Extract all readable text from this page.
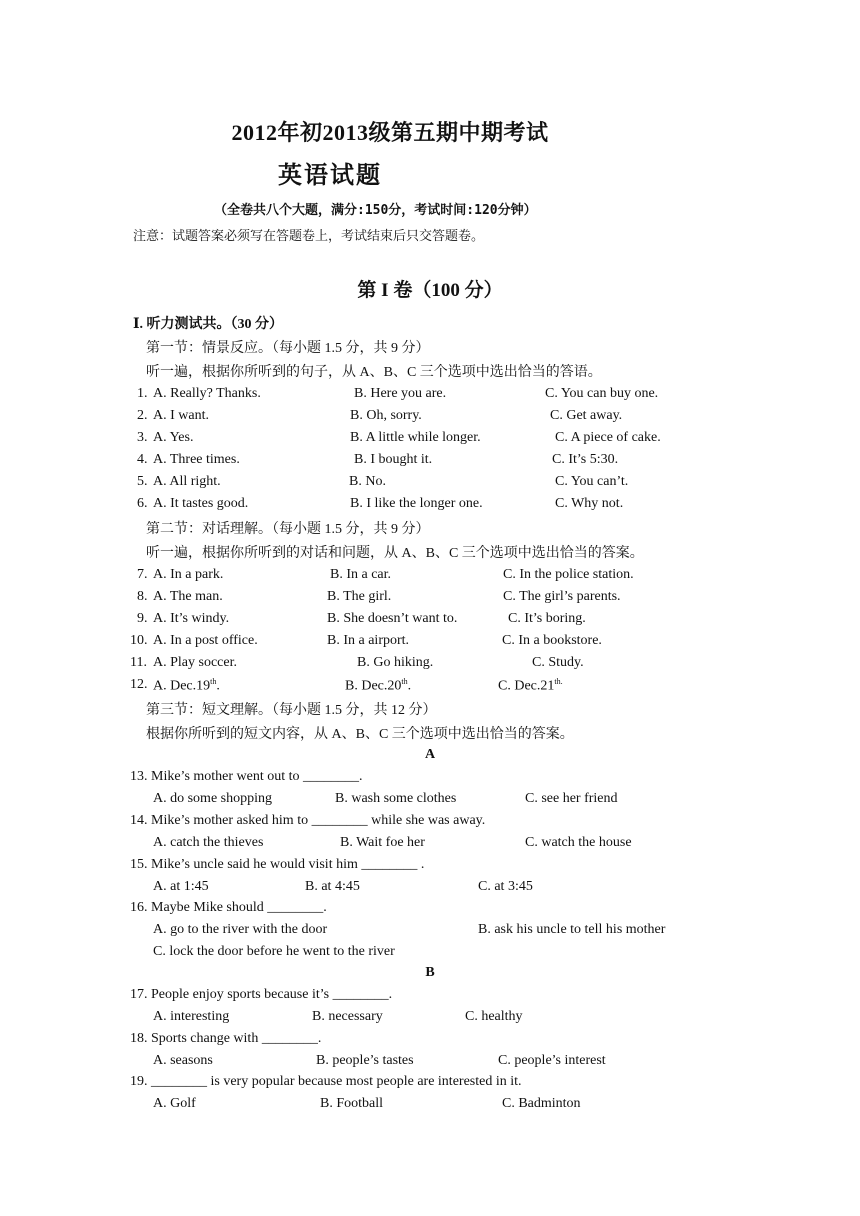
2012年初2013级第五期中期考试
英语试题
（全卷共八个大题，满分:150分，考试时间:120分钟）
注意：试题答案必须写在答题卷上，考试结束后只交答题卷。
第 I 卷（100 分）
Ⅰ. 听力测试共。（30 分）
第一节：情景反应。（每小题 1.5 分，共 9 分）
听一遍，根据你所听到的句子，从 A、B、C 三个选项中选出恰当的答语。
1. A. Really? Thanks.	B. Here you are.	C. You can buy one.
2. A. I want.	B. Oh, sorry.	C. Get away.
3. A. Yes.	B. A little while longer.	C. A piece of cake.
4. A. Three times.	B. I bought it.	C. It’s 5:30.
5. A. All right.	B. No.	C. You can’t.
6. A. It tastes good.	B. I like the longer one.	C. Why not.
第二节：对话理解。（每小题 1.5 分，共 9 分）
听一遍，根据你所听到的对话和问题，从 A、B、C 三个选项中选出恰当的答案。
7. A. In a park.	B. In a car.	C. In the police station.
8. A. The man.	B. The girl.	C. The girl’s parents.
9. A. It’s windy.	B. She doesn’t want to.	C. It’s boring.
10. A. In a post office.	B. In a airport.	C. In a bookstore.
11. A. Play soccer.	B. Go hiking.	C. Study.
12. A. Dec.19th.	B. Dec.20th.	C. $Dec.21^{th.}$
第三节：短文理解。（每小题 1.5 分，共 12 分）
根据你所听到的短文内容，从 A、B、C 三个选项中选出恰当的答案。
A
13. Mike’s mother went out to ________.
A. do some shopping	B. wash some clothes	C. see her friend
14. Mike’s mother asked him to ________ while she was away.
A. catch the thieves	B. Wait foe her	C. watch the house
15. Mike’s uncle said he would visit him ________ .
A. at 1:45	B. at 4:45	C. at 3:45
16. Maybe Mike should ________.
A. go to the river with the door	B. ask his uncle to tell his mother
C. lock the door before he went to the river
B
17. People enjoy sports because it’s ________.
A. interesting	B. necessary	C. healthy
18. Sports change with ________.
A. seasons	B. people’s tastes	C. people’s interest
19. ________ is very popular because most people are interested in it.
A. Golf	B. Football	C. Badminton
